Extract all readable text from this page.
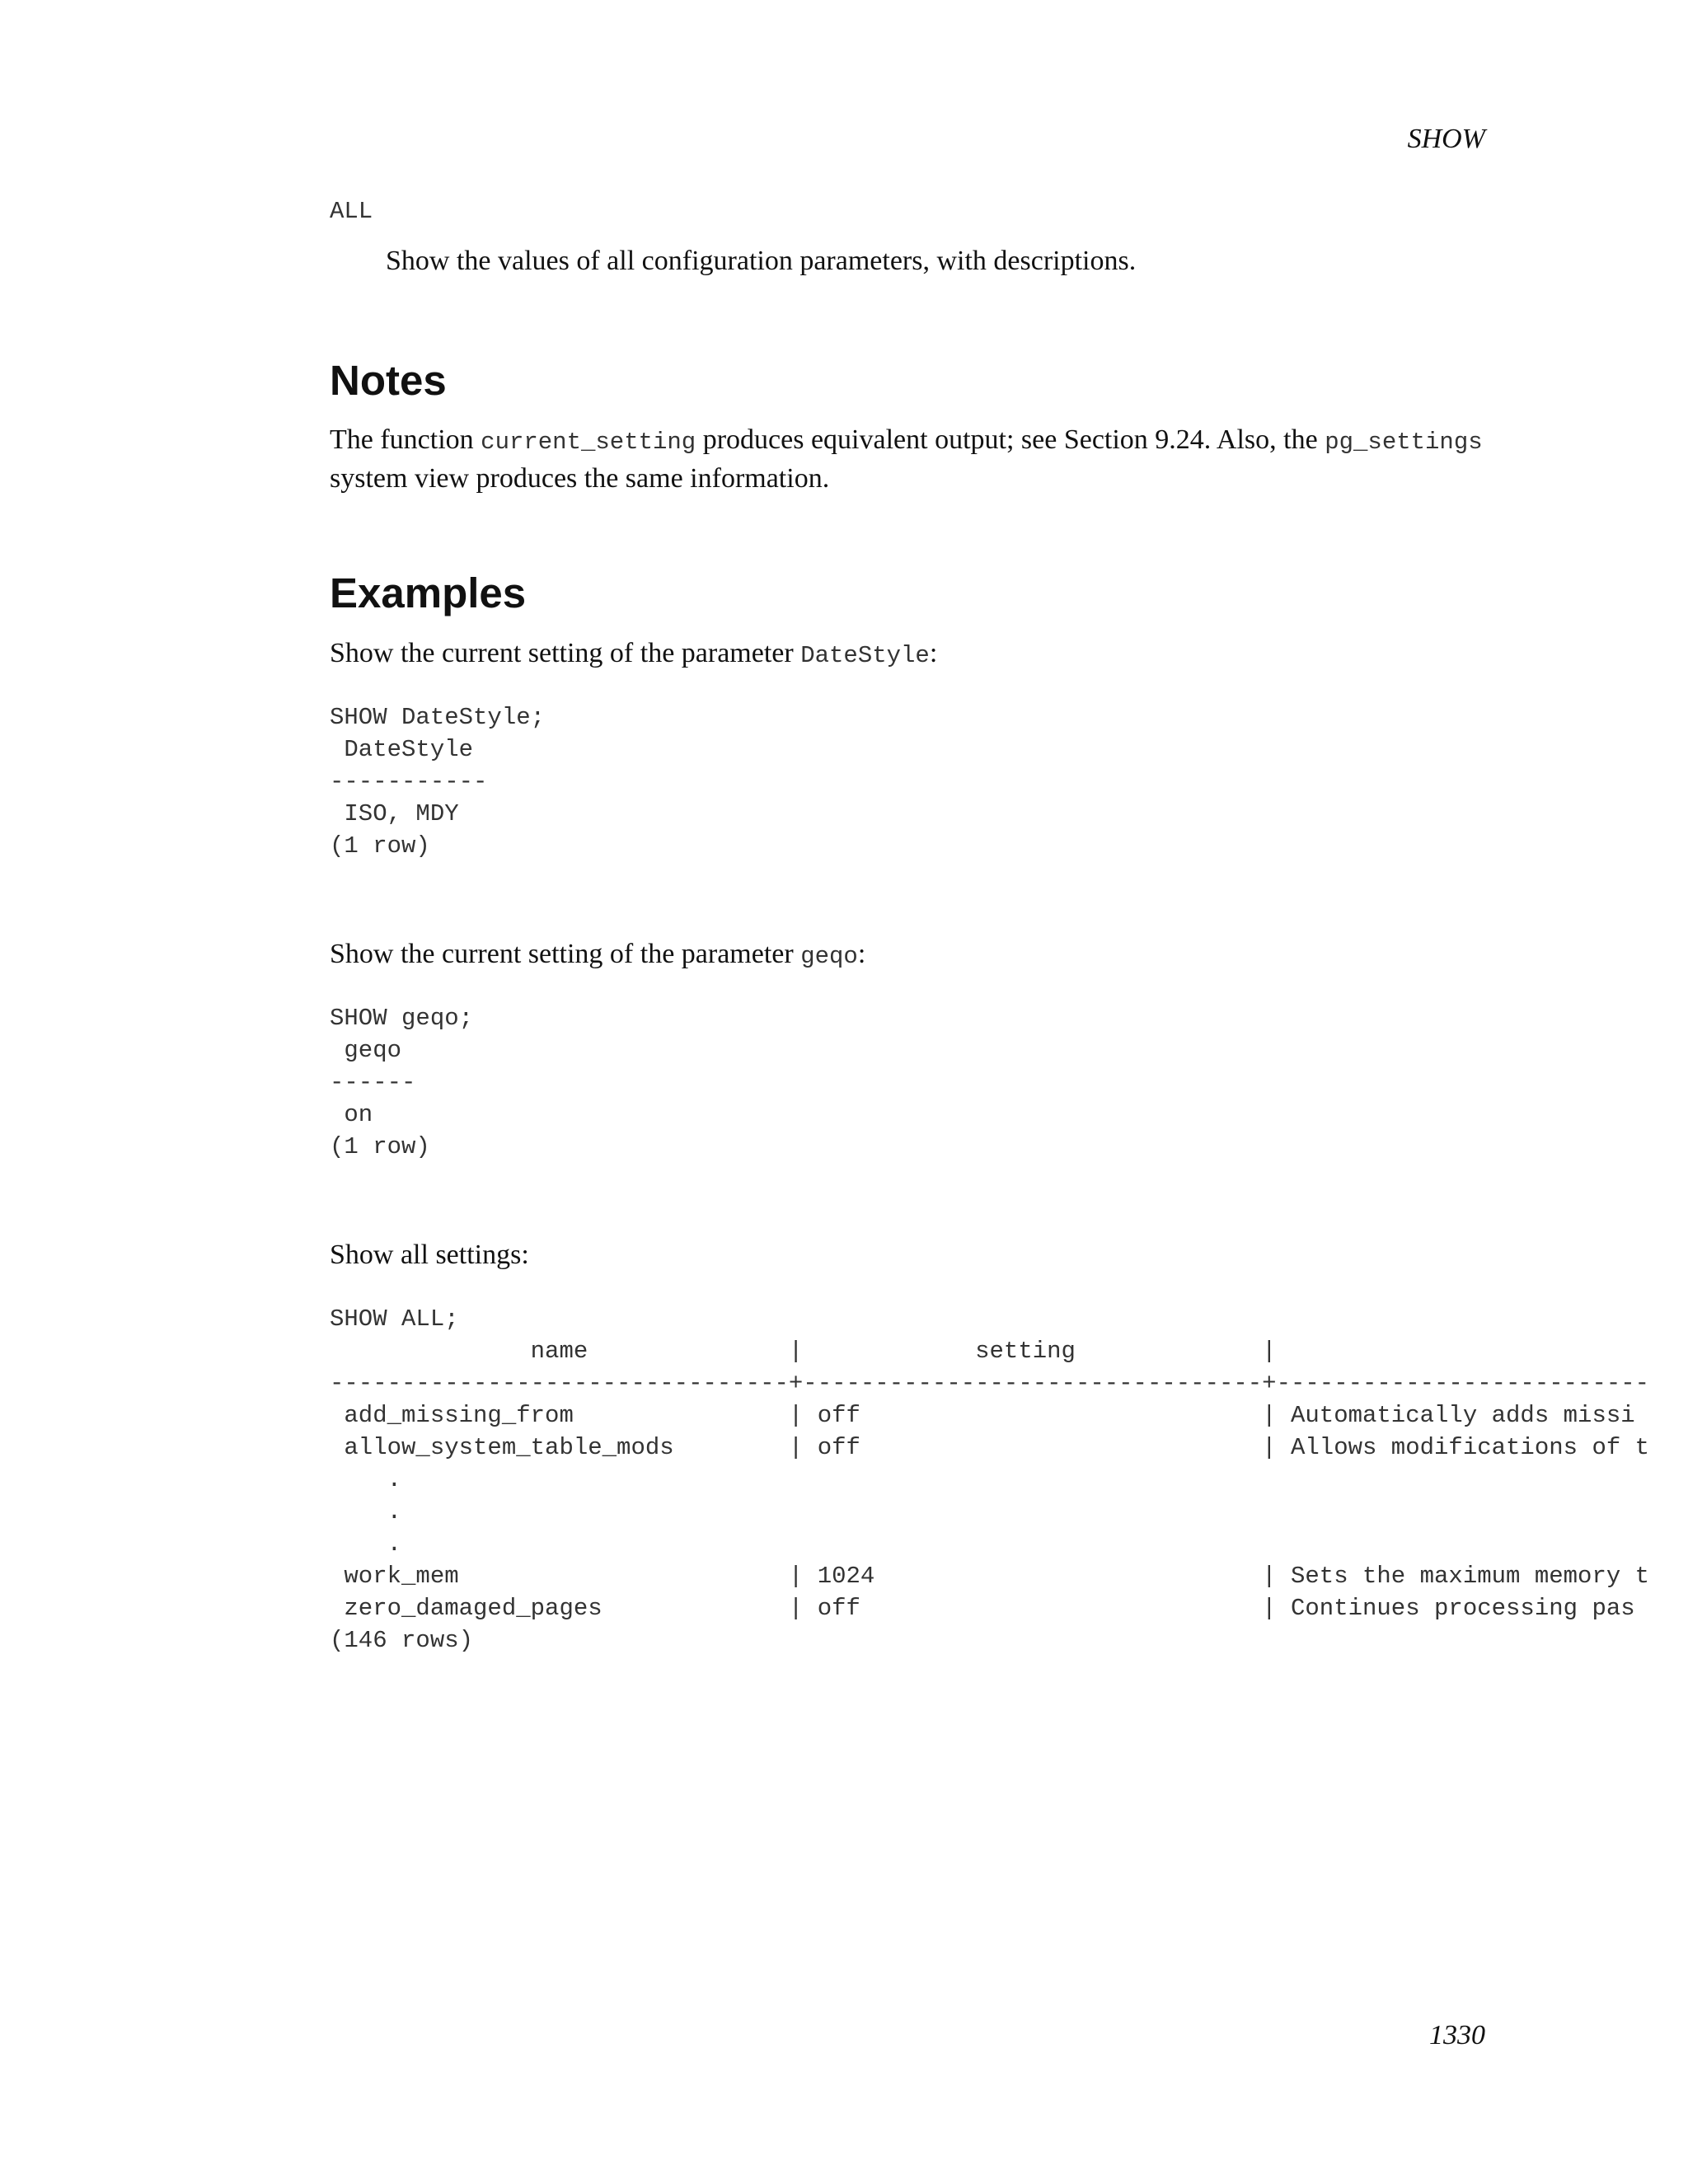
SHOW
ALL
Show the values of all configuration parameters, with descriptions.
Notes

The function current_setting produces equivalent output; see Section 9.24. Also, the pg_settings system view produces the same information.

Examples

Show the current setting of the parameter DateStyle:

SHOW DateStyle;
DateStyle
-----------
ISO, MDY
(1 row)

Show the current setting of the parameter geqo:

SHOW geqo;
geqo
------
on
(1 row)

Show all settings:

SHOW ALL;
name              |            setting             |
--------------------------------+--------------------------------+--------------------------
add_missing_from               | off                            | Automatically adds missi
allow_system_table_mods        | off                            | Allows modifications of t
.
.
.
work_mem                       | 1024                           | Sets the maximum memory t
zero_damaged_pages             | off                            | Continues processing pas
(146 rows)
1330
